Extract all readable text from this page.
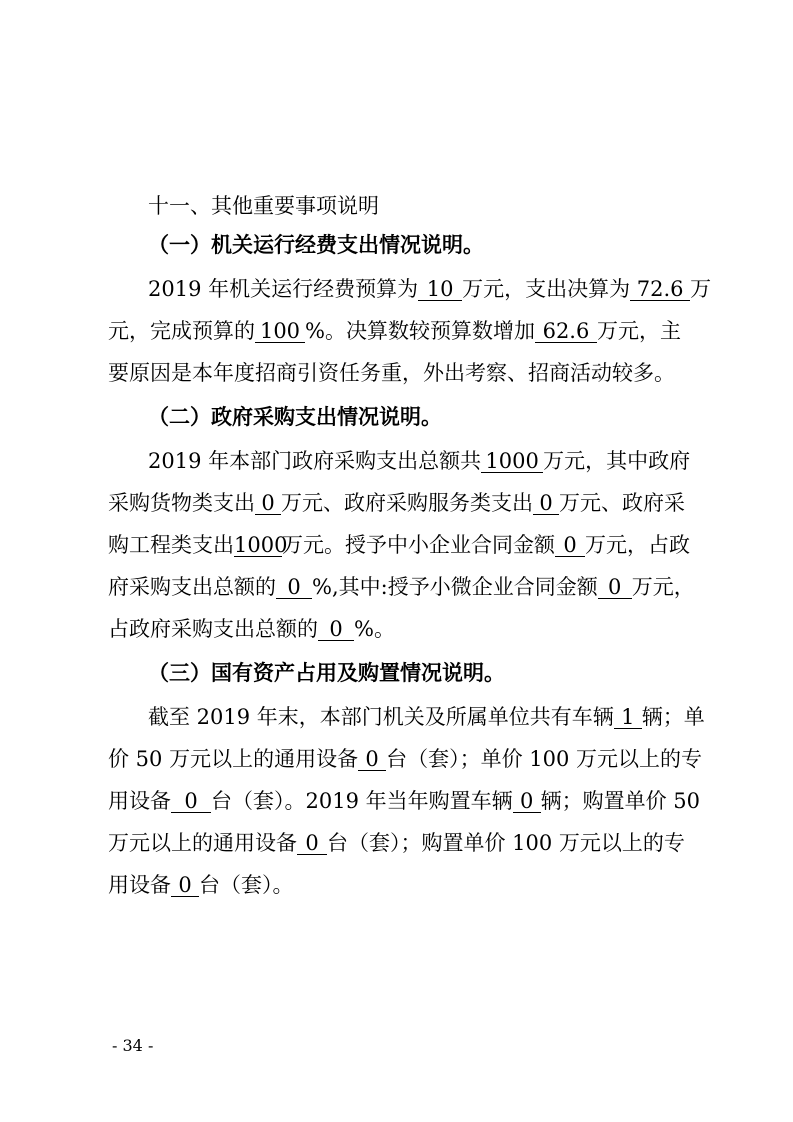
十一、其他重要事项说明
（一）机关运行经费支出情况说明。
2019 年机关运行经费预算为 10 万元，支出决算为 72.6 万
元，完成预算的 100 %。决算数较预算数增加 62.6 万元，主
要原因是本年度招商引资任务重，外出考察、招商活动较多。
（二）政府采购支出情况说明。
2019 年本部门政府采购支出总额共 1000 万元，其中政府
采购货物类支出 0 万元、政府采购服务类支出 0 万元、政府采
购工程类支出1000万元。授予中小企业合同金额 0 万元，占政
府采购支出总额的 0 %,其中:授予小微企业合同金额 0 万元，
占政府采购支出总额的 0 %。
（三）国有资产占用及购置情况说明。
截至 2019 年末，本部门机关及所属单位共有车辆 1 辆；单
价 50 万元以上的通用设备 0 台（套）；单价 100 万元以上的专
用设备 0 台（套）。2019 年当年购置车辆 0 辆；购置单价 50
万元以上的通用设备 0 台（套）；购置单价 100 万元以上的专
用设备 0 台（套）。
- 34 -
